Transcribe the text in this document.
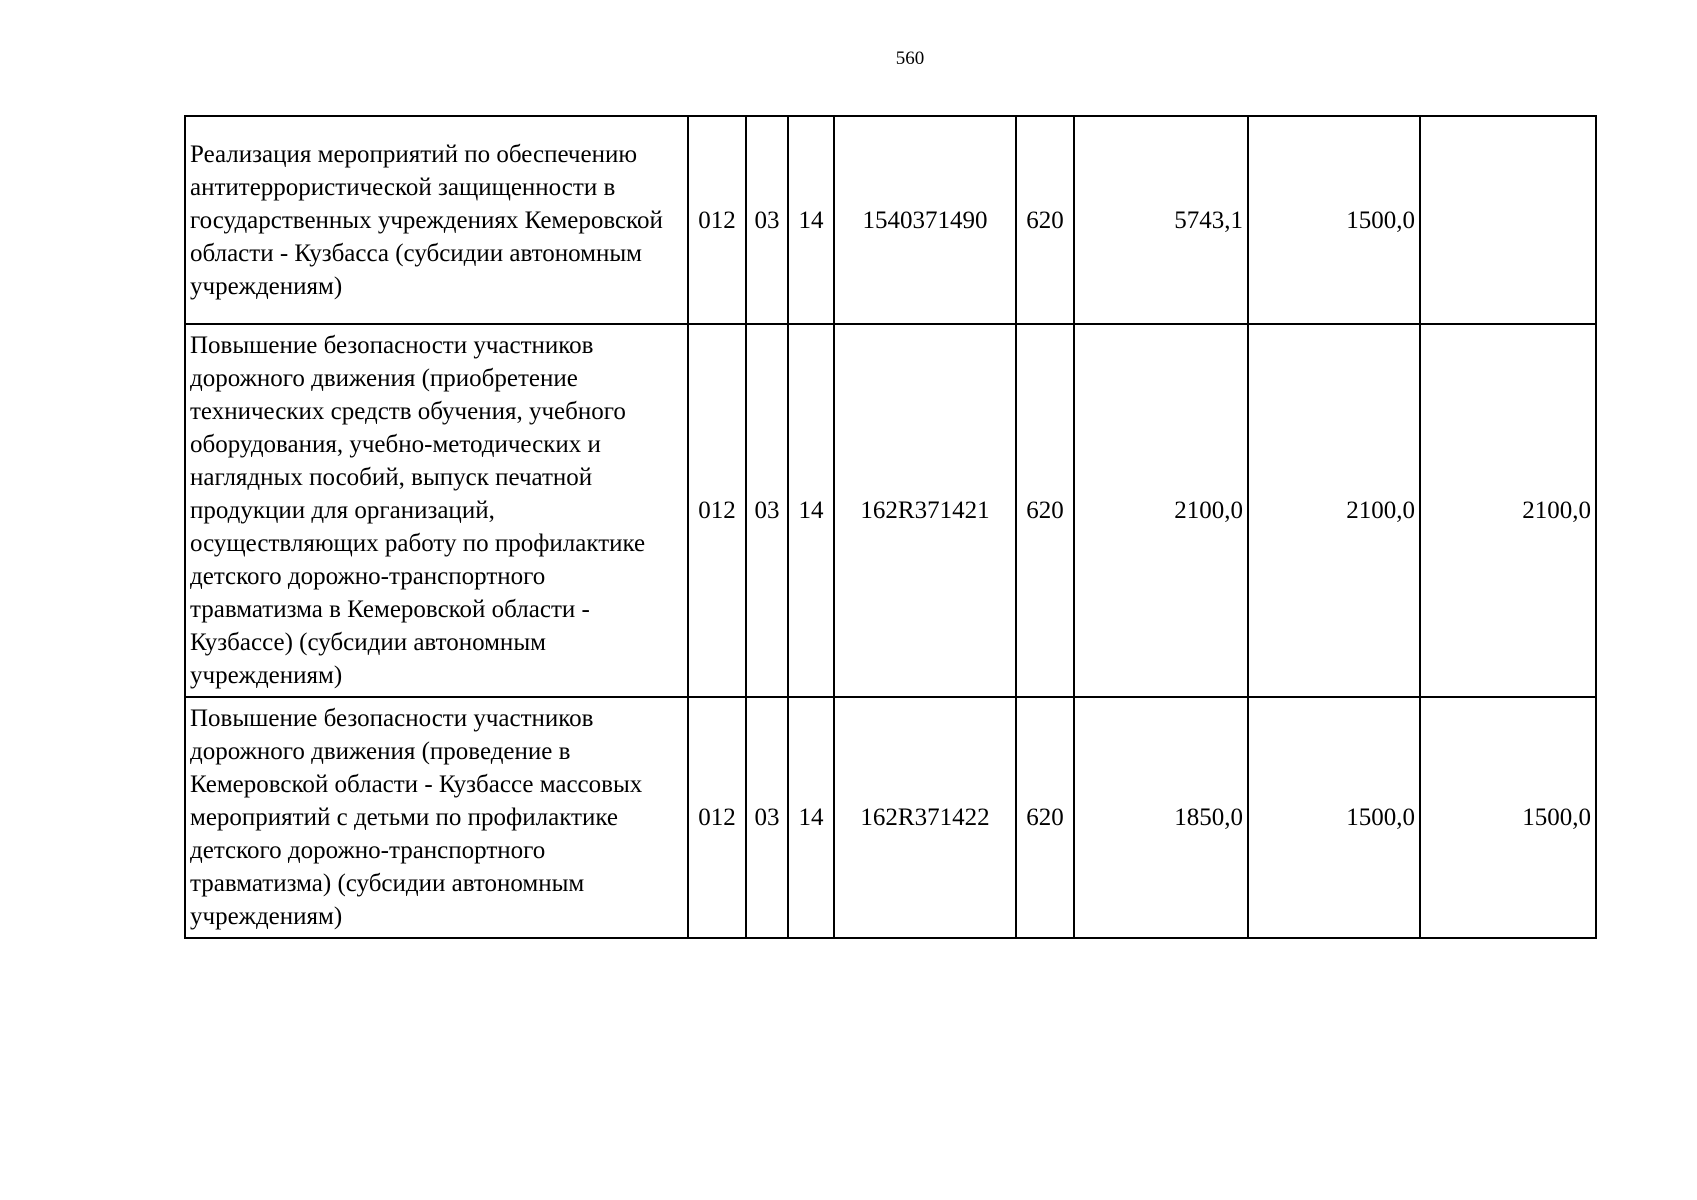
560
Реализация мероприятий по обеспечению антитеррористической защищенности в государственных учреждениях Кемеровской области - Кузбасса (субсидии автономным учреждениям)	012	03	14	1540371490	620	5743,1	1500,0	
Повышение безопасности участников дорожного движения (приобретение технических средств обучения, учебного оборудования, учебно-методических и наглядных пособий, выпуск печатной продукции для организаций, осуществляющих работу по профилактике детского дорожно-транспортного травматизма в Кемеровской области - Кузбассе) (субсидии автономным учреждениям)	012	03	14	162R371421	620	2100,0	2100,0	2100,0
Повышение безопасности участников дорожного движения (проведение в Кемеровской области - Кузбассе массовых мероприятий с детьми по профилактике детского дорожно-транспортного травматизма) (субсидии автономным учреждениям)	012	03	14	162R371422	620	1850,0	1500,0	1500,0
